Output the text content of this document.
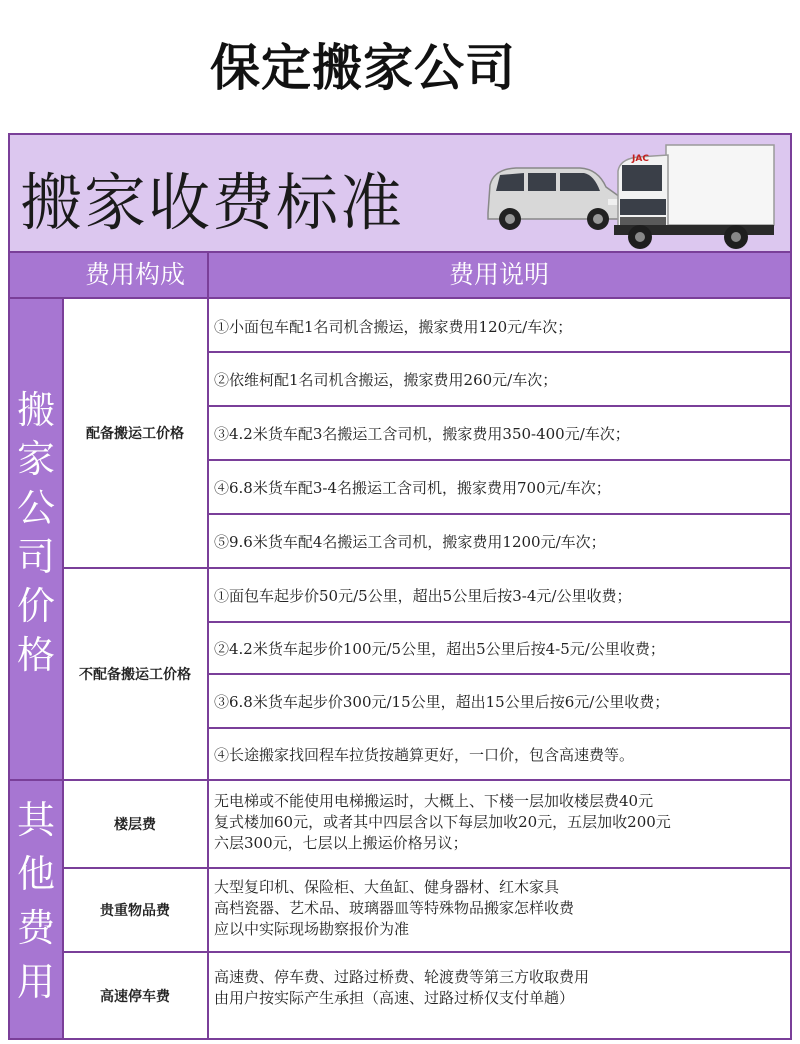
保定搬家公司
搬家收费标准
JAC
费用构成	费用说明
搬
家
公
司
价
格
其
他
费
用
配备搬运工价格
不配备搬运工价格
楼层费
贵重物品费
高速停车费
①小面包车配1名司机含搬运，搬家费用120元/车次；
②依维柯配1名司机含搬运，搬家费用260元/车次；
③4.2米货车配3名搬运工含司机，搬家费用350-400元/车次；
④6.8米货车配3-4名搬运工含司机，搬家费用700元/车次；
⑤9.6米货车配4名搬运工含司机，搬家费用1200元/车次；
①面包车起步价50元/5公里，超出5公里后按3-4元/公里收费；
②4.2米货车起步价100元/5公里，超出5公里后按4-5元/公里收费；
③6.8米货车起步价300元/15公里，超出15公里后按6元/公里收费；
④长途搬家找回程车拉货按趟算更好，一口价，包含高速费等。
无电梯或不能使用电梯搬运时，大概上、下楼一层加收楼层费40元
复式楼加60元，或者其中四层含以下每层加收20元，五层加收200元
六层300元，七层以上搬运价格另议；
大型复印机、保险柜、大鱼缸、健身器材、红木家具
高档瓷器、艺术品、玻璃器皿等特殊物品搬家怎样收费
应以中实际现场勘察报价为准
高速费、停车费、过路过桥费、轮渡费等第三方收取费用
由用户按实际产生承担（高速、过路过桥仅支付单趟）
